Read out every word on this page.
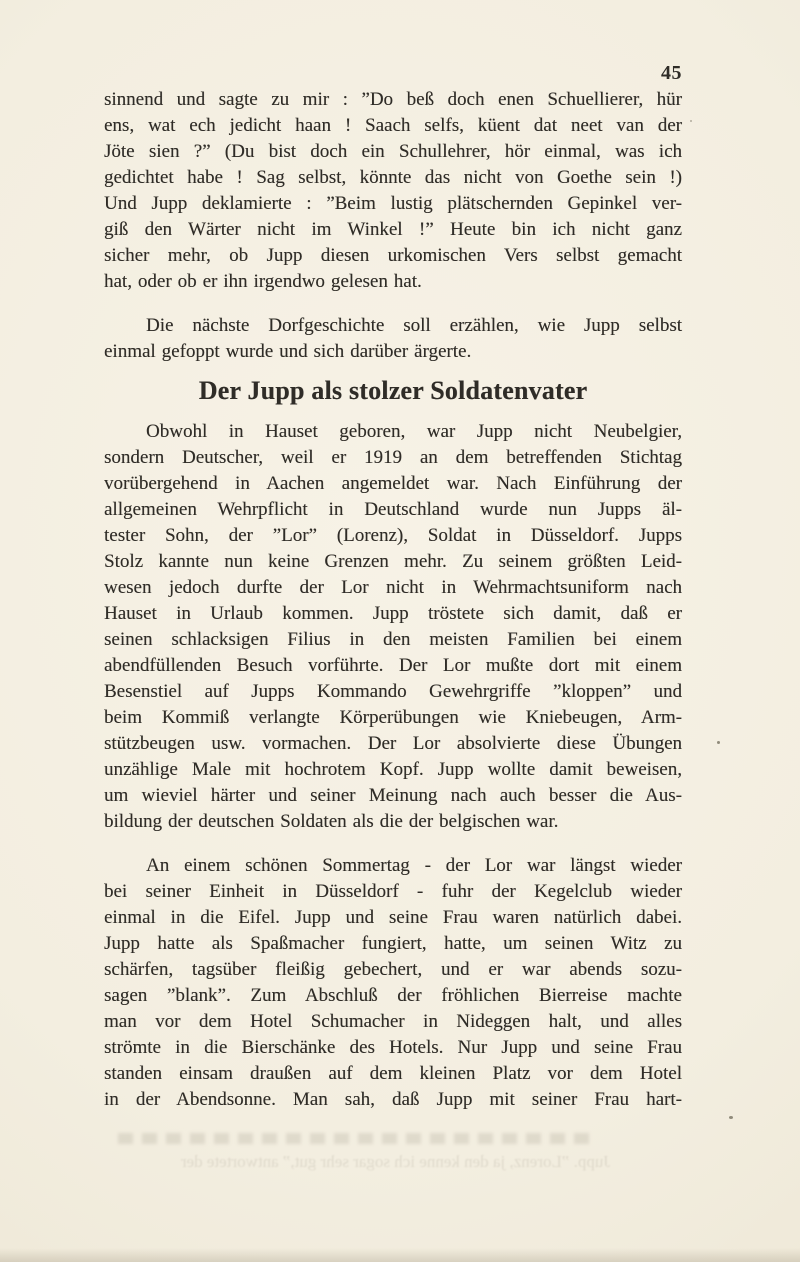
45
sinnend und sagte zu mir : ”Do beß doch enen Schuellierer, hür
ens, wat ech jedicht haan ! Saach selfs, küent dat neet van der
Jöte sien ?” (Du bist doch ein Schullehrer, hör einmal, was ich
gedichtet habe ! Sag selbst, könnte das nicht von Goethe sein !)
Und Jupp deklamierte : ”Beim lustig plätschernden Gepinkel ver-
giß den Wärter nicht im Winkel !” Heute bin ich nicht ganz
sicher mehr, ob Jupp diesen urkomischen Vers selbst gemacht
hat, oder ob er ihn irgendwo gelesen hat.
Die nächste Dorfgeschichte soll erzählen, wie Jupp selbst
einmal gefoppt wurde und sich darüber ärgerte.
Der Jupp als stolzer Soldatenvater
Obwohl in Hauset geboren, war Jupp nicht Neubelgier,
sondern Deutscher, weil er 1919 an dem betreffenden Stichtag
vorübergehend in Aachen angemeldet war. Nach Einführung der
allgemeinen Wehrpflicht in Deutschland wurde nun Jupps äl-
tester Sohn, der ”Lor” (Lorenz), Soldat in Düsseldorf. Jupps
Stolz kannte nun keine Grenzen mehr. Zu seinem größten Leid-
wesen jedoch durfte der Lor nicht in Wehrmachtsuniform nach
Hauset in Urlaub kommen. Jupp tröstete sich damit, daß er
seinen schlacksigen Filius in den meisten Familien bei einem
abendfüllenden Besuch vorführte. Der Lor mußte dort mit einem
Besenstiel auf Jupps Kommando Gewehrgriffe ”kloppen” und
beim Kommiß verlangte Körperübungen wie Kniebeugen, Arm-
stützbeugen usw. vormachen. Der Lor absolvierte diese Übungen
unzählige Male mit hochrotem Kopf. Jupp wollte damit beweisen,
um wieviel härter und seiner Meinung nach auch besser die Aus-
bildung der deutschen Soldaten als die der belgischen war.
An einem schönen Sommertag - der Lor war längst wieder
bei seiner Einheit in Düsseldorf - fuhr der Kegelclub wieder
einmal in die Eifel. Jupp und seine Frau waren natürlich dabei.
Jupp hatte als Spaßmacher fungiert, hatte, um seinen Witz zu
schärfen, tagsüber fleißig gebechert, und er war abends sozu-
sagen ”blank”. Zum Abschluß der fröhlichen Bierreise machte
man vor dem Hotel Schumacher in Nideggen halt, und alles
strömte in die Bierschänke des Hotels. Nur Jupp und seine Frau
standen einsam draußen auf dem kleinen Platz vor dem Hotel
in der Abendsonne. Man sah, daß Jupp mit seiner Frau hart-
Jupp. ”Lorenz, ja den kenne ich sogar sehr gut,” antwortete der
